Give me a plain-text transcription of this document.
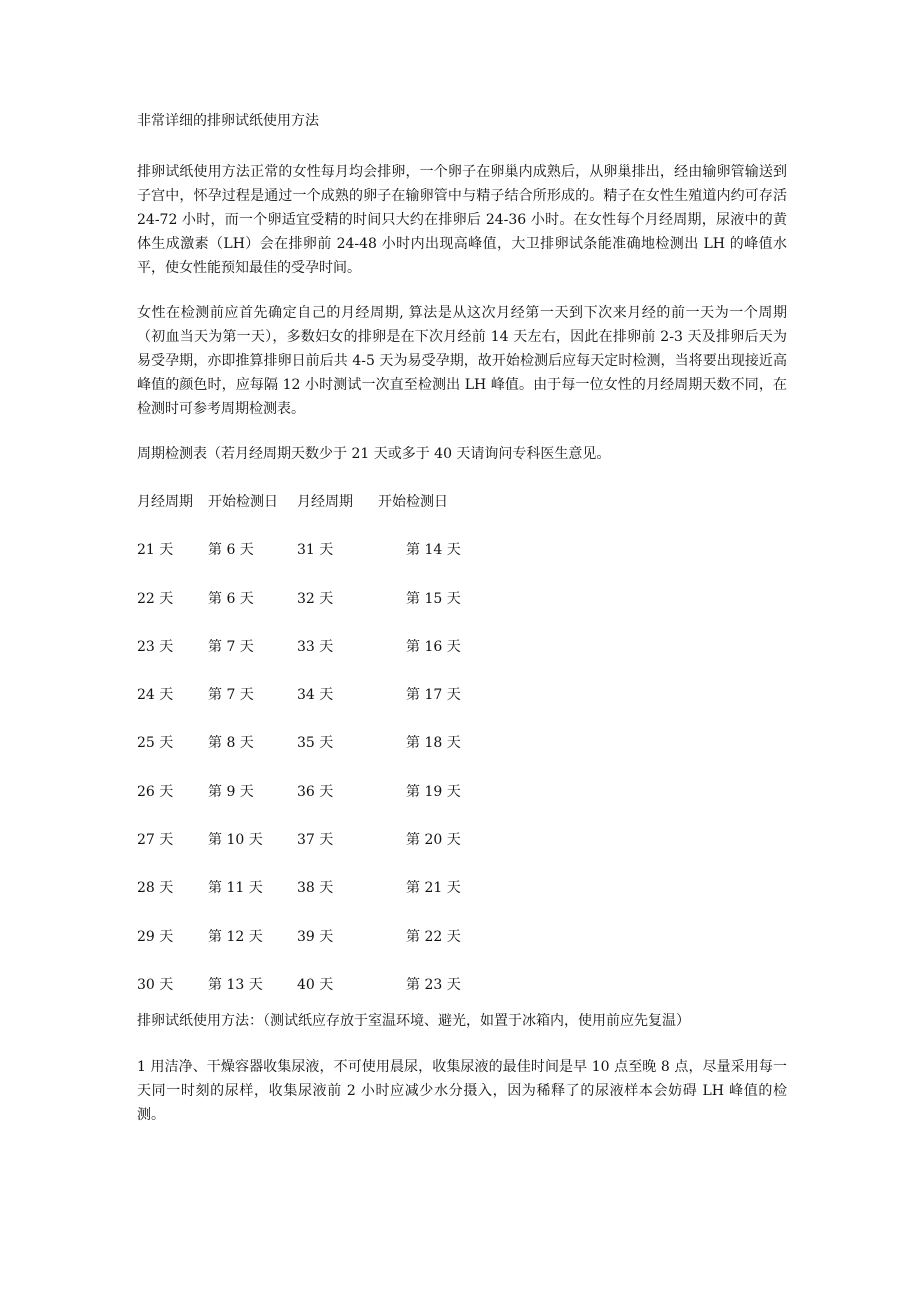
非常详细的排卵试纸使用方法

排卵试纸使用方法正常的女性每月均会排卵，一个卵子在卵巢内成熟后，从卵巢排出，经由输卵管输送到子宫中，怀孕过程是通过一个成熟的卵子在输卵管中与精子结合所形成的。精子在女性生殖道内约可存活 24-72 小时，而一个卵适宜受精的时间只大约在排卵后 24-36 小时。在女性每个月经周期，尿液中的黄体生成激素（LH）会在排卵前 24-48 小时内出现高峰值，大卫排卵试条能准确地检测出 LH 的峰值水平，使女性能预知最佳的受孕时间。

女性在检测前应首先确定自己的月经周期, 算法是从这次月经第一天到下次来月经的前一天为一个周期（初血当天为第一天），多数妇女的排卵是在下次月经前 14 天左右，因此在排卵前 2-3 天及排卵后天为易受孕期，亦即推算排卵日前后共 4-5 天为易受孕期，故开始检测后应每天定时检测，当将要出现接近高峰值的颜色时，应每隔 12 小时测试一次直至检测出 LH 峰值。由于每一位女性的月经周期天数不同，在检测时可参考周期检测表。

周期检测表（若月经周期天数少于 21 天或多于 40 天请询问专科医生意见。

月经周期 开始检测日 月经周期 开始检测日
21 天 第 6 天	31 天	第 14 天
22 天 第 6 天	32 天	第 15 天
23 天 第 7 天	33 天	第 16 天
24 天 第 7 天	34 天	第 17 天
25 天 第 8 天	35 天	第 18 天
26 天 第 9 天	36 天	第 19 天
27 天 第 10 天 37 天	第 20 天
28 天 第 11 天 38 天	第 21 天
29 天 第 12 天 39 天	第 22 天
30 天 第 13 天 40 天	第 23 天

排卵试纸使用方法：（测试纸应存放于室温环境、避光，如置于冰箱内，使用前应先复温）

1 用洁净、干燥容器收集尿液，不可使用晨尿，收集尿液的最佳时间是早 10 点至晚 8 点，尽量采用每一天同一时刻的尿样，收集尿液前 2 小时应减少水分摄入，因为稀释了的尿液样本会妨碍 LH 峰值的检测。
